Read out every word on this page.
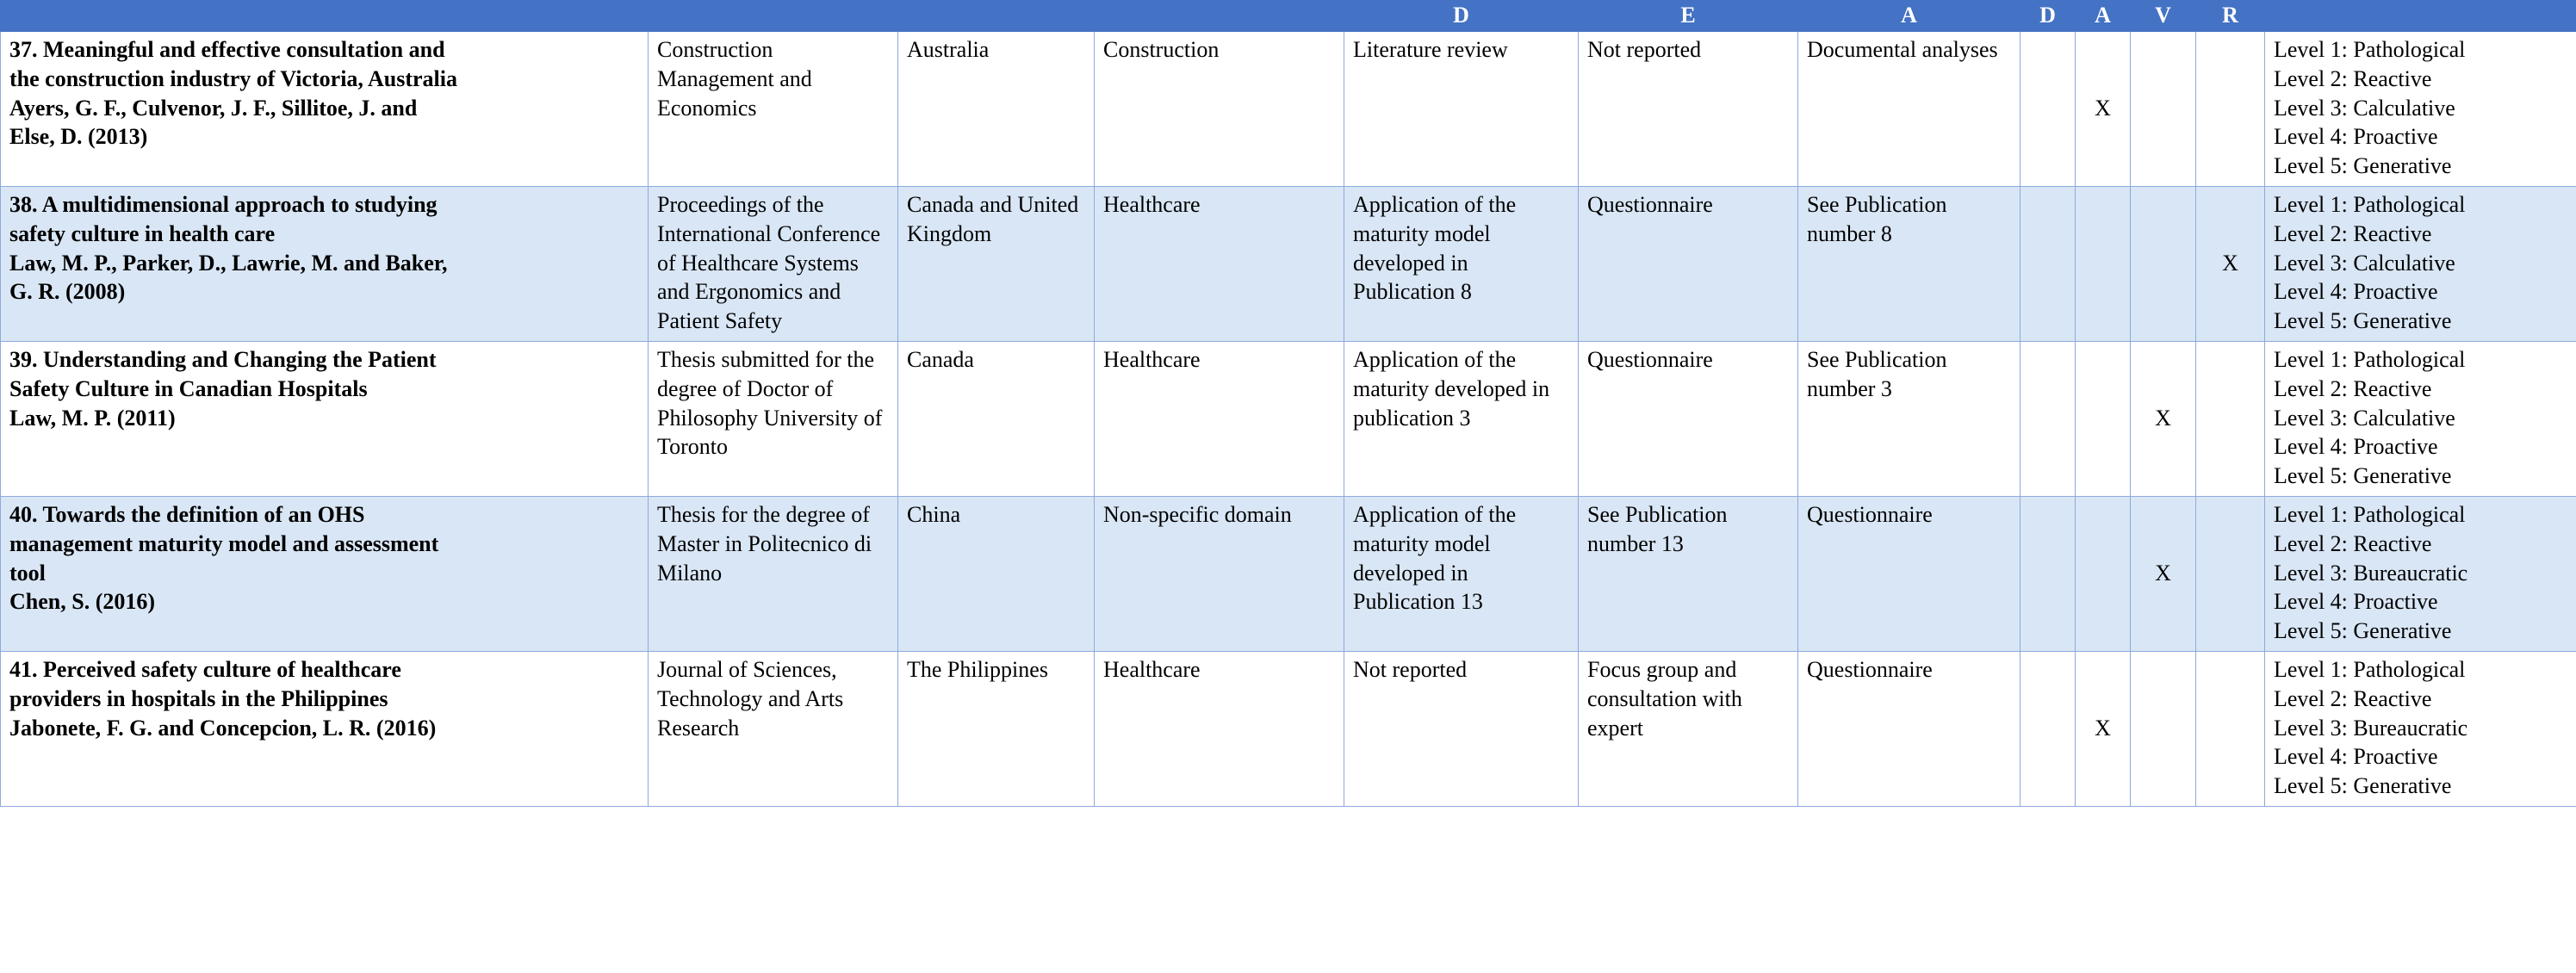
				D	E	A	D	A	V	R	

37. Meaningful and effective consultation and
the construction industry of Victoria, Australia
Ayers, G. F., Culvenor, J. F., Sillitoe, J. and
Else, D. (2013)	Construction Management and Economics	Australia	Construction	Literature review	Not reported	Documental analyses		X			Level 1: Pathological
Level 2: Reactive
Level 3: Calculative
Level 4: Proactive
Level 5: Generative

38. A multidimensional approach to studying
safety culture in health care
Law, M. P., Parker, D., Lawrie, M. and Baker,
G. R. (2008)	Proceedings of the International Conference of Healthcare Systems and Ergonomics and Patient Safety	Canada and United Kingdom	Healthcare	Application of the maturity model developed in Publication 8	Questionnaire	See Publication number 8				X	Level 1: Pathological
Level 2: Reactive
Level 3: Calculative
Level 4: Proactive
Level 5: Generative

39. Understanding and Changing the Patient
Safety Culture in Canadian Hospitals
Law, M. P. (2011)	Thesis submitted for the degree of Doctor of Philosophy University of Toronto	Canada	Healthcare	Application of the maturity developed in publication 3	Questionnaire	See Publication number 3			X		Level 1: Pathological
Level 2: Reactive
Level 3: Calculative
Level 4: Proactive
Level 5: Generative

40. Towards the definition of an OHS
management maturity model and assessment
tool
Chen, S. (2016)	Thesis for the degree of Master in Politecnico di Milano	China	Non-specific domain	Application of the maturity model developed in Publication 13	See Publication number 13	Questionnaire			X		Level 1: Pathological
Level 2: Reactive
Level 3: Bureaucratic
Level 4: Proactive
Level 5: Generative

41. Perceived safety culture of healthcare
providers in hospitals in the Philippines
Jabonete, F. G. and Concepcion, L. R. (2016)	Journal of Sciences, Technology and Arts Research	The Philippines	Healthcare	Not reported	Focus group and consultation with expert	Questionnaire		X			Level 1: Pathological
Level 2: Reactive
Level 3: Bureaucratic
Level 4: Proactive
Level 5: Generative
